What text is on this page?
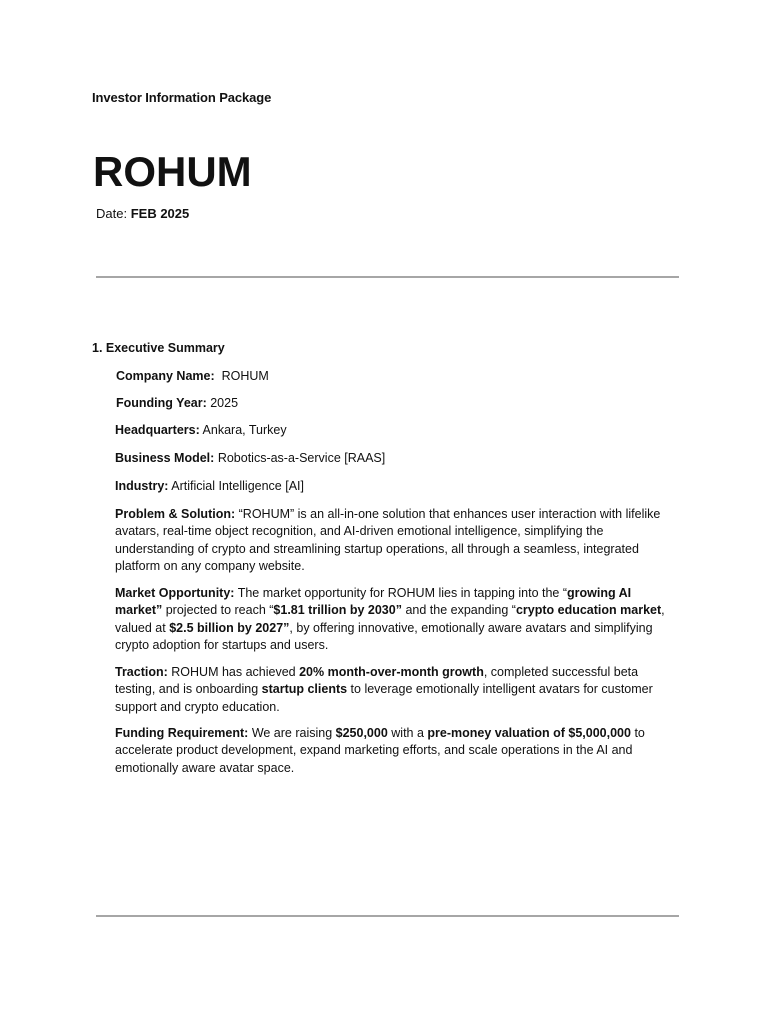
Investor Information Package
ROHUM
Date: FEB 2025
1. Executive Summary
Company Name: ROHUM
Founding Year: 2025
Headquarters: Ankara, Turkey
Business Model: Robotics-as-a-Service [RAAS]
Industry: Artificial Intelligence [AI]
Problem & Solution: “ROHUM” is an all-in-one solution that enhances user interaction with lifelike avatars, real-time object recognition, and AI-driven emotional intelligence, simplifying the understanding of crypto and streamlining startup operations, all through a seamless, integrated platform on any company website.
Market Opportunity: The market opportunity for ROHUM lies in tapping into the “growing AI market” projected to reach “$1.81 trillion by 2030” and the expanding “crypto education market, valued at $2.5 billion by 2027”, by offering innovative, emotionally aware avatars and simplifying crypto adoption for startups and users.
Traction: ROHUM has achieved 20% month-over-month growth, completed successful beta testing, and is onboarding startup clients to leverage emotionally intelligent avatars for customer support and crypto education.
Funding Requirement: We are raising $250,000 with a pre-money valuation of $5,000,000 to accelerate product development, expand marketing efforts, and scale operations in the AI and emotionally aware avatar space.
